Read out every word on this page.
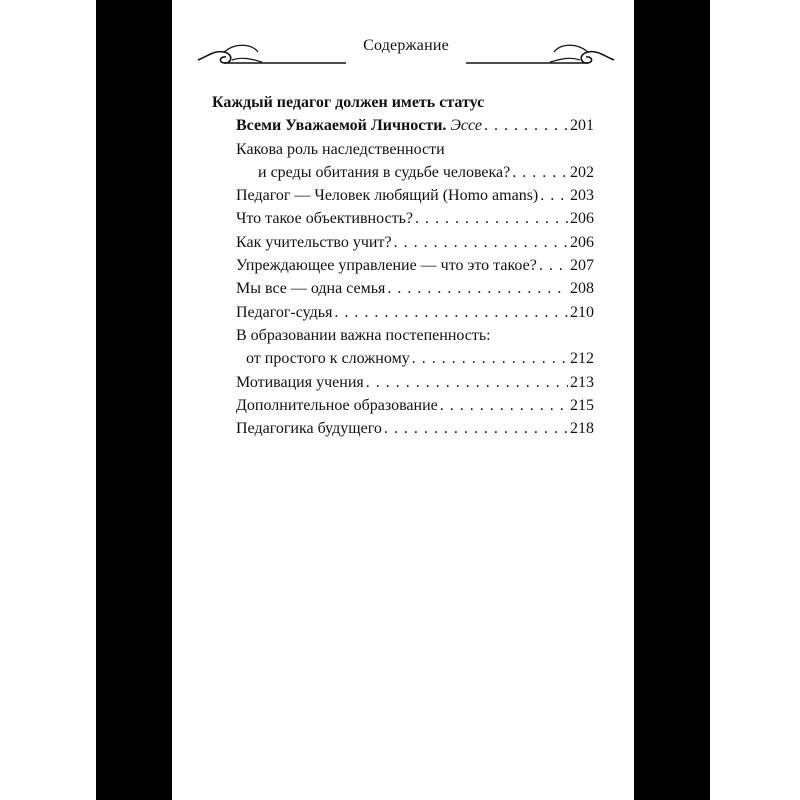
Содержание
Каждый педагог должен иметь статус
Всеми Уважаемой Личности.
Эссе . . .	201
Какова роль наследственности
и среды обитания в судьбе человека? . . .	202
Педагог — Человек любящий (Homo amans) . . . 203
Что такое объективность? . . .	206
Как учительство учит? . . .	206
Упреждающее управление — что это такое? . . . 207
Мы все — одна семья . . .	208
Педагог-судья . . .	210
В образовании важна постепенность:
от простого к сложному . . .	212
Мотивация учения . . .	213
Дополнительное образование . . .	215
Педагогика будущего . . .	218
